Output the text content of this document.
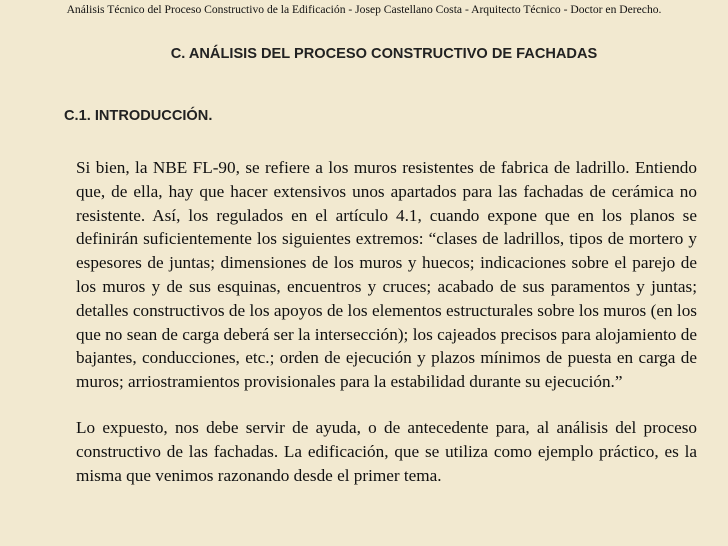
Análisis Técnico del Proceso Constructivo de la Edificación - Josep Castellano Costa - Arquitecto Técnico - Doctor en Derecho.
C. ANÁLISIS DEL PROCESO CONSTRUCTIVO DE FACHADAS
C.1. INTRODUCCIÓN.

Si bien, la NBE FL-90, se refiere a los muros resistentes de fabrica de ladrillo. Entiendo que, de ella, hay que hacer extensivos unos apartados para las fachadas de cerámica no resistente. Así, los regulados en el artículo 4.1, cuando expone que en los planos se definirán suficientemente los siguientes extremos: “clases de ladrillos, tipos de mortero y espesores de juntas; dimensiones de los muros y huecos; indicaciones sobre el parejo de los muros y de sus esquinas, encuentros y cruces; acabado de sus paramentos y juntas; detalles constructivos de los apoyos de los elementos estructurales sobre los muros (en los que no sean de carga deberá ser la intersección); los cajeados precisos para alojamiento de bajantes, conducciones, etc.; orden de ejecución y plazos mínimos de puesta en carga de muros; arriostramientos provisionales para la estabilidad durante su ejecución.”

Lo expuesto, nos debe servir de ayuda, o de antecedente para, al análisis del proceso constructivo de las fachadas. La edificación, que se utiliza como ejemplo práctico, es la misma que venimos razonando desde el primer tema.
